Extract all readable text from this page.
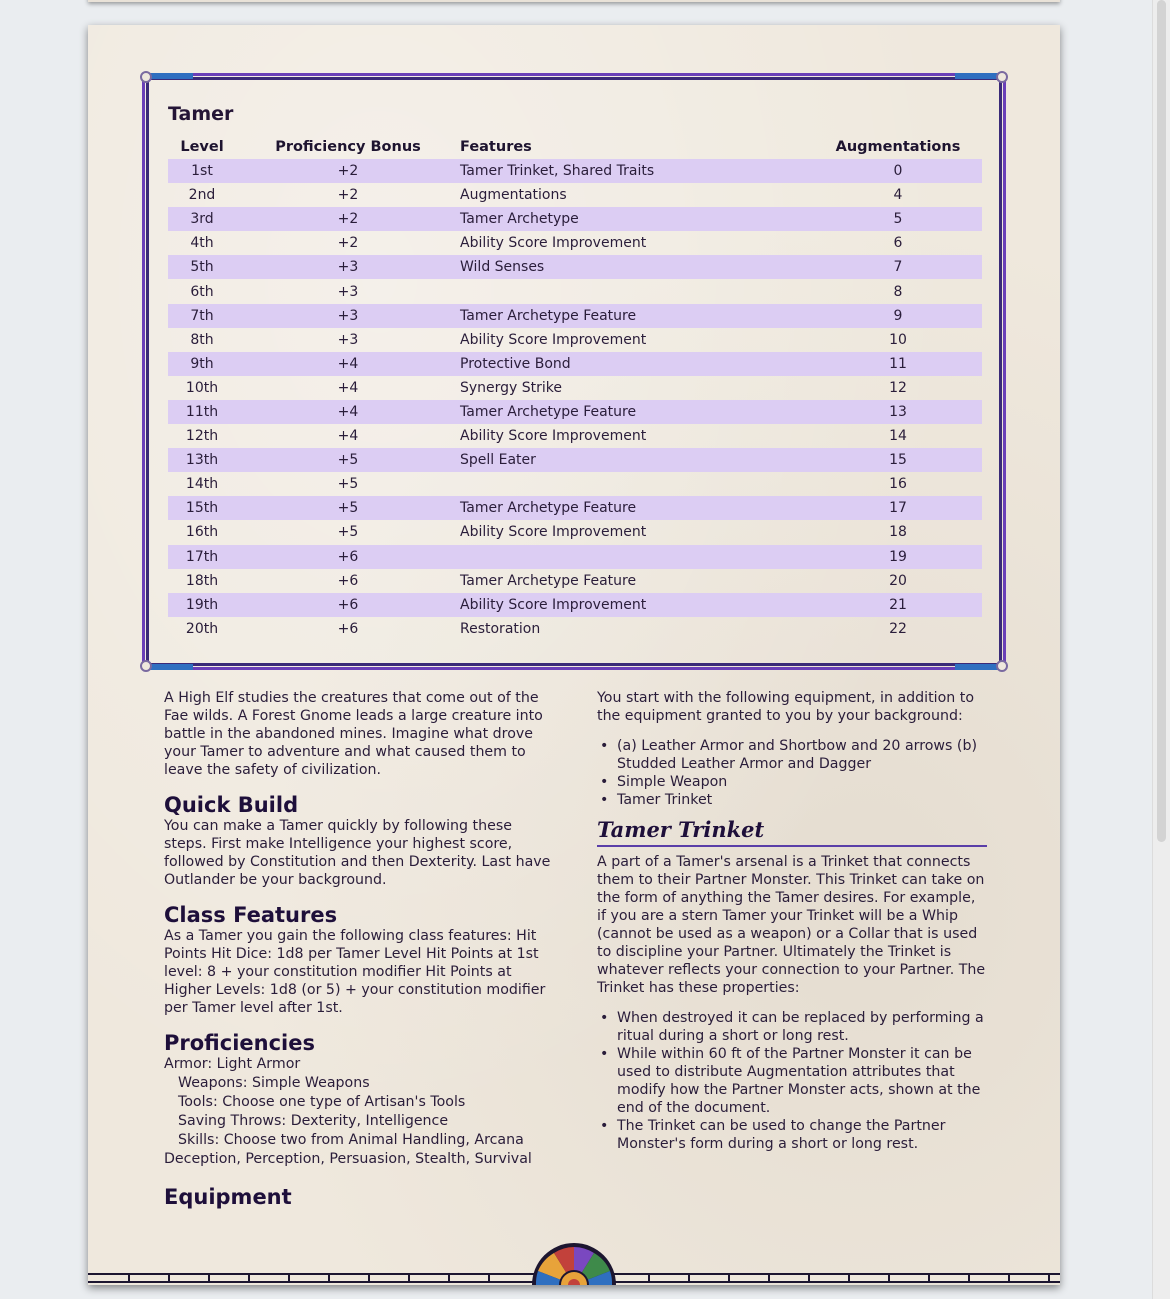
Tamer
Level	Proficiency Bonus	Features	Augmentations
1st	+2	Tamer Trinket, Shared Traits	0
2nd	+2	Augmentations	4
3rd	+2	Tamer Archetype	5
4th	+2	Ability Score Improvement	6
5th	+3	Wild Senses	7
6th	+3		8
7th	+3	Tamer Archetype Feature	9
8th	+3	Ability Score Improvement	10
9th	+4	Protective Bond	11
10th	+4	Synergy Strike	12
11th	+4	Tamer Archetype Feature	13
12th	+4	Ability Score Improvement	14
13th	+5	Spell Eater	15
14th	+5		16
15th	+5	Tamer Archetype Feature	17
16th	+5	Ability Score Improvement	18
17th	+6		19
18th	+6	Tamer Archetype Feature	20
19th	+6	Ability Score Improvement	21
20th	+6	Restoration	22

A High Elf studies the creatures that come out of the Fae wilds. A Forest Gnome leads a large creature into battle in the abandoned mines. Imagine what drove your Tamer to adventure and what caused them to leave the safety of civilization.

Quick Build

You can make a Tamer quickly by following these steps. First make Intelligence your highest score, followed by Constitution and then Dexterity. Last have Outlander be your background.

Class Features

As a Tamer you gain the following class features: Hit Points Hit Dice: 1d8 per Tamer Level Hit Points at 1st level: 8 + your constitution modifier Hit Points at Higher Levels: 1d8 (or 5) + your constitution modifier per Tamer level after 1st.

Proficiencies

Armor: Light Armor

Weapons: Simple Weapons

Tools: Choose one type of Artisan's Tools

Saving Throws: Dexterity, Intelligence

Skills: Choose two from Animal Handling, Arcana

Deception, Perception, Persuasion, Stealth, Survival

Equipment

You start with the following equipment, in addition to the equipment granted to you by your background:

• (a) Leather Armor and Shortbow and 20 arrows (b) Studded Leather Armor and Dagger
• Simple Weapon
• Tamer Trinket
Tamer Trinket

A part of a Tamer's arsenal is a Trinket that connects them to their Partner Monster. This Trinket can take on the form of anything the Tamer desires. For example, if you are a stern Tamer your Trinket will be a Whip (cannot be used as a weapon) or a Collar that is used to discipline your Partner. Ultimately the Trinket is whatever reflects your connection to your Partner. The Trinket has these properties:

• When destroyed it can be replaced by performing a ritual during a short or long rest.
• While within 60 ft of the Partner Monster it can be used to distribute Augmentation attributes that modify how the Partner Monster acts, shown at the end of the document.
• The Trinket can be used to change the Partner Monster's form during a short or long rest.
